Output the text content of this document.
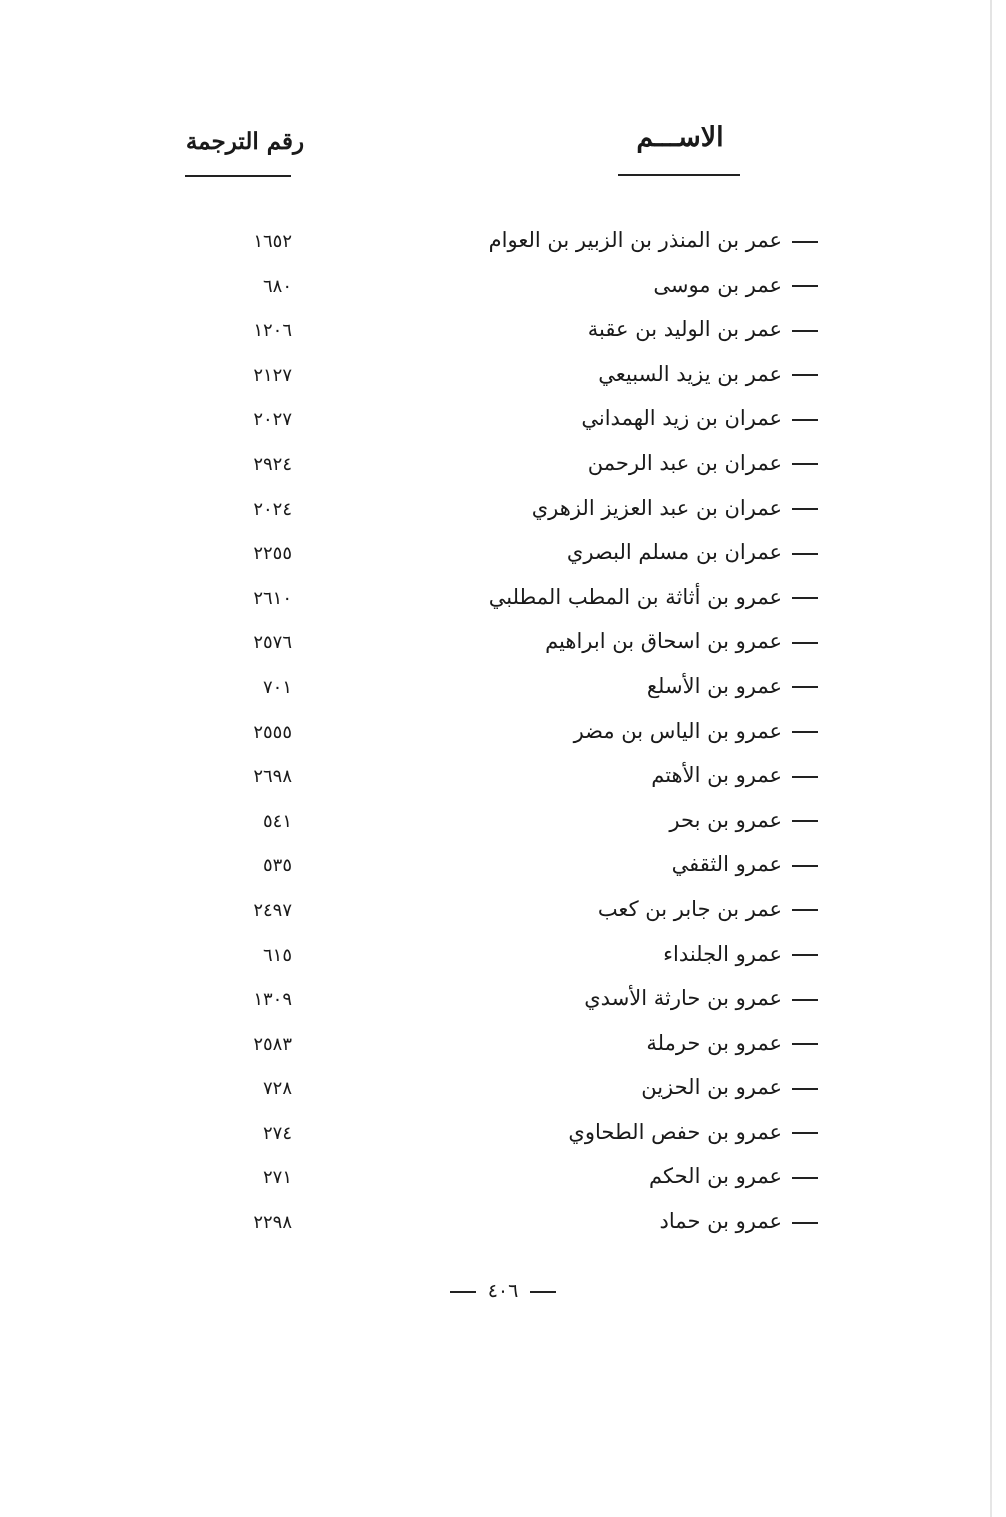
الاســـم
رقم الترجمة
عمر بن المنذر بن الزبير بن العوام
١٦٥٢
عمر بن موسى
٦٨٠
عمر بن الوليد بن عقبة
١٢٠٦
عمر بن يزيد السبيعي
٢١٢٧
عمران بن زيد الهمداني
٢٠٢٧
عمران بن عبد الرحمن
٢٩٢٤
عمران بن عبد العزيز الزهري
٢٠٢٤
عمران بن مسلم البصري
٢٢٥٥
عمرو بن أثاثة بن المطب المطلبي
٢٦١٠
عمرو بن اسحاق بن ابراهيم
٢٥٧٦
عمرو بن الأسلع
٧٠١
عمرو بن الياس بن مضر
٢٥٥٥
عمرو بن الأهتم
٢٦٩٨
عمرو بن بحر
٥٤١
عمرو الثقفي
٥٣٥
عمر بن جابر بن كعب
٢٤٩٧
عمرو الجلنداء
٦١٥
عمرو بن حارثة الأسدي
١٣٠٩
عمرو بن حرملة
٢٥٨٣
عمرو بن الحزين
٧٢٨
عمرو بن حفص الطحاوي
٢٧٤
عمرو بن الحكم
٢٧١
عمرو بن حماد
٢٢٩٨
٤٠٦
